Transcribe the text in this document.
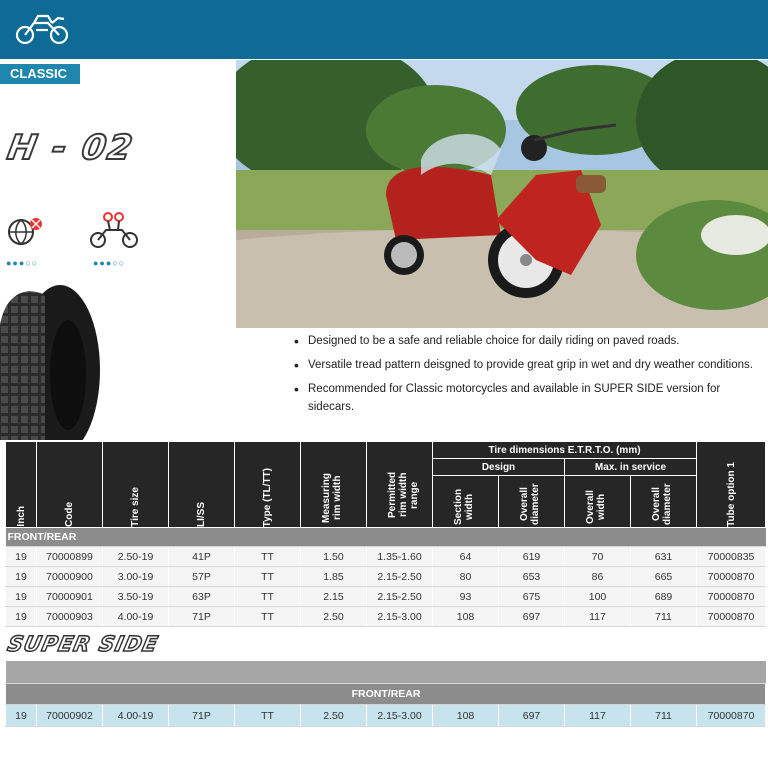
CLASSIC
H - 02
●●●○○	●●●○○
• Designed to be a safe and reliable choice for daily riding on paved roads.
• Versatile tread pattern deisgned to provide great grip in wet and dry weather conditions.
• Recommended for Classic motorcycles and available in SUPER SIDE version for sidecars.
Inch	Code	Tire size	LI/SS	Type (TL/TT)	Measuring rim width	Permitted rim width range	Tire dimensions E.T.R.T.O. (mm)				Tube option 1
							Design		Max. in service		
							Section width	Overall diameter	Overall width	Overall diameter	
FRONT/REAR											
19	70000899	2.50-19	41P	TT	1.50	1.35-1.60	64	619	70	631	70000835
19	70000900	3.00-19	57P	TT	1.85	2.15-2.50	80	653	86	665	70000870
19	70000901	3.50-19	63P	TT	2.15	2.15-2.50	93	675	100	689	70000870
19	70000903	4.00-19	71P	TT	2.50	2.15-3.00	108	697	117	711	70000870
SUPER SIDE

FRONT/REAR
19	70000902	4.00-19	71P	TT	2.50	2.15-3.00	108	697	117	711	70000870
